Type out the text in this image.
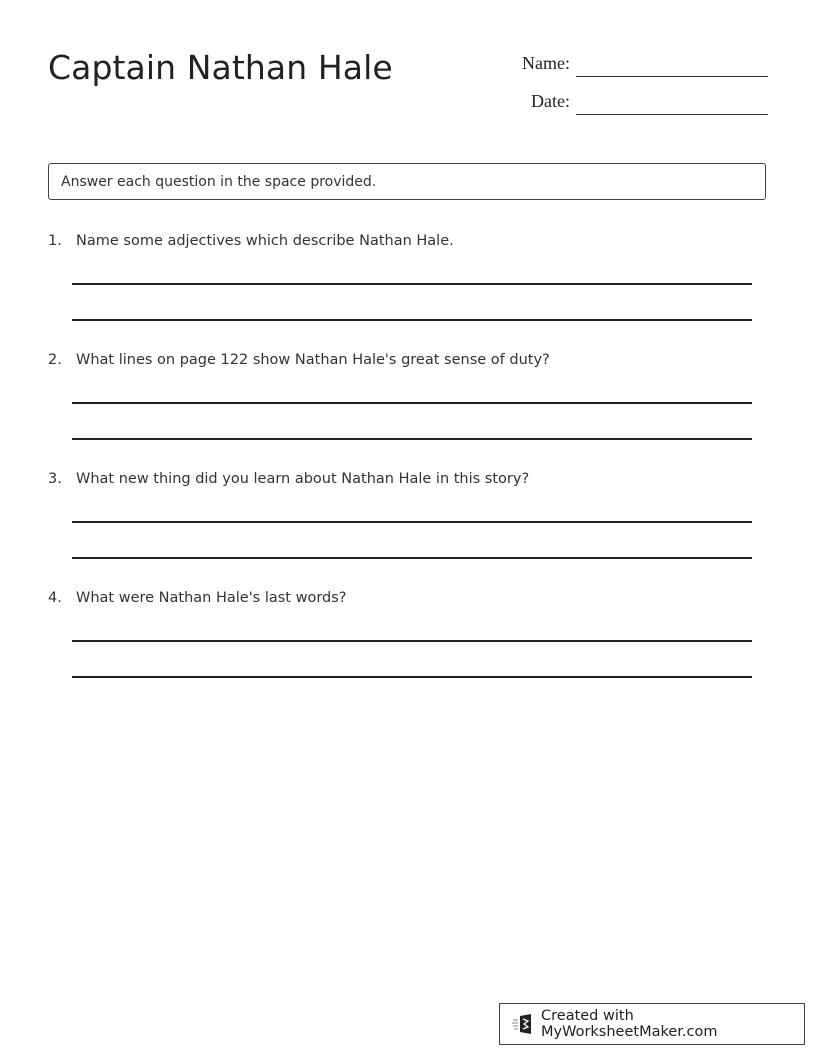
Captain Nathan Hale	Name:
Date:
Answer each question in the space provided.
1. Name some adjectives which describe Nathan Hale.
2. What lines on page 122 show Nathan Hale's great sense of duty?
3. What new thing did you learn about Nathan Hale in this story?
4. What were Nathan Hale's last words?
Created with MyWorksheetMaker.com
